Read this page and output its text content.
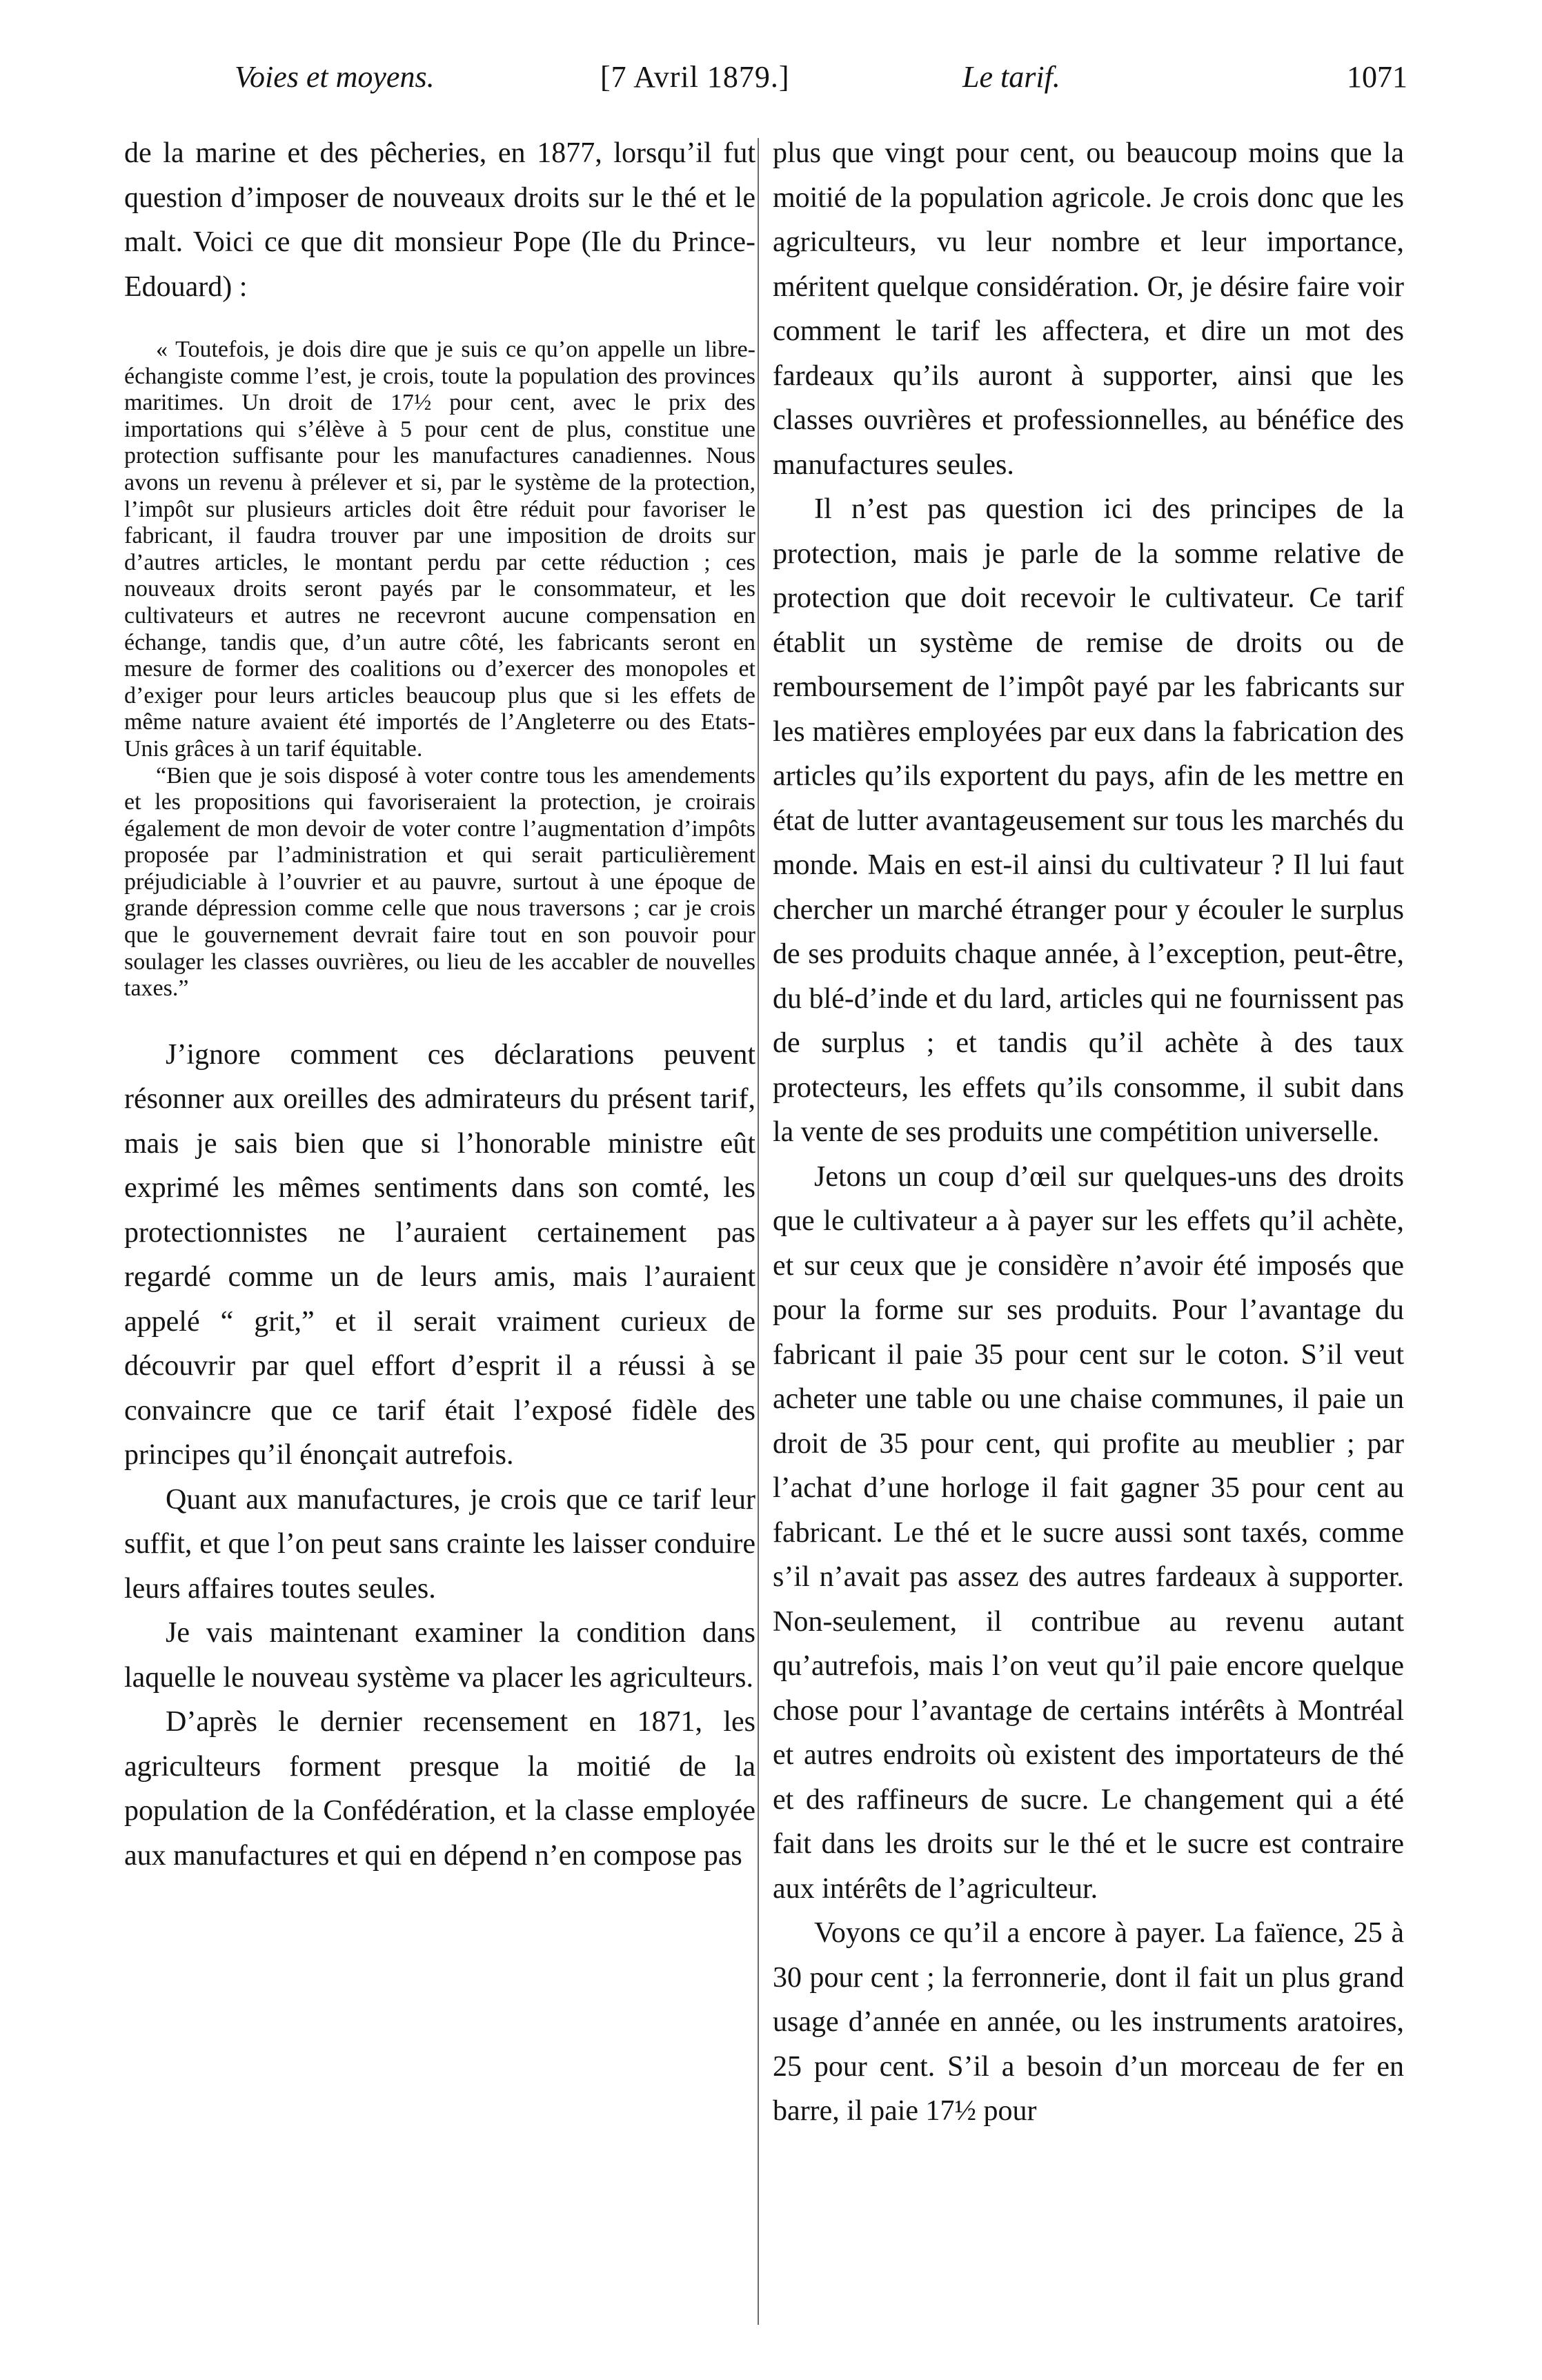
Voies et moyens.	[7 Avril 1879.]	Le tarif.	1071

de la marine et des pêcheries, en 1877, lorsqu’il fut question d’imposer de nouveaux droits sur le thé et le malt. Voici ce que dit monsieur Pope (Ile du Prince-Edouard) :

« Toutefois, je dois dire que je suis ce qu’on appelle un libre-échangiste comme l’est, je crois, toute la population des provinces maritimes. Un droit de 17½ pour cent, avec le prix des importations qui s’élève à 5 pour cent de plus, constitue une protection suffisante pour les manufactures canadiennes. Nous avons un revenu à prélever et si, par le système de la protection, l’impôt sur plusieurs articles doit être réduit pour favoriser le fabricant, il faudra trouver par une imposition de droits sur d’autres articles, le montant perdu par cette réduction ; ces nouveaux droits seront payés par le consommateur, et les cultivateurs et autres ne recevront aucune compensation en échange, tandis que, d’un autre côté, les fabricants seront en mesure de former des coalitions ou d’exercer des monopoles et d’exiger pour leurs articles beaucoup plus que si les effets de même nature avaient été importés de l’Angleterre ou des Etats-Unis grâces à un tarif équitable.

“Bien que je sois disposé à voter contre tous les amendements et les propositions qui favoriseraient la protection, je croirais également de mon devoir de voter contre l’augmentation d’impôts proposée par l’administration et qui serait particulièrement préjudiciable à l’ouvrier et au pauvre, surtout à une époque de grande dépression comme celle que nous traversons ; car je crois que le gouvernement devrait faire tout en son pouvoir pour soulager les classes ouvrières, ou lieu de les accabler de nouvelles taxes.”

J’ignore comment ces déclarations peuvent résonner aux oreilles des admirateurs du présent tarif, mais je sais bien que si l’honorable ministre eût exprimé les mêmes sentiments dans son comté, les protectionnistes ne l’auraient certainement pas regardé comme un de leurs amis, mais l’auraient appelé “ grit,” et il serait vraiment curieux de découvrir par quel effort d’esprit il a réussi à se convaincre que ce tarif était l’exposé fidèle des principes qu’il énonçait autrefois.

Quant aux manufactures, je crois que ce tarif leur suffit, et que l’on peut sans crainte les laisser conduire leurs affaires toutes seules.

Je vais maintenant examiner la condition dans laquelle le nouveau système va placer les agriculteurs.

D’après le dernier recensement en 1871, les agriculteurs forment presque la moitié de la population de la Confédération, et la classe employée aux manufactures et qui en dépend n’en compose pas

plus que vingt pour cent, ou beaucoup moins que la moitié de la population agricole. Je crois donc que les agriculteurs, vu leur nombre et leur importance, méritent quelque considération. Or, je désire faire voir comment le tarif les affectera, et dire un mot des fardeaux qu’ils auront à supporter, ainsi que les classes ouvrières et professionnelles, au bénéfice des manufactures seules.

Il n’est pas question ici des principes de la protection, mais je parle de la somme relative de protection que doit recevoir le cultivateur. Ce tarif établit un système de remise de droits ou de remboursement de l’impôt payé par les fabricants sur les matières employées par eux dans la fabrication des articles qu’ils exportent du pays, afin de les mettre en état de lutter avantageusement sur tous les marchés du monde. Mais en est-il ainsi du cultivateur ? Il lui faut chercher un marché étranger pour y écouler le surplus de ses produits chaque année, à l’exception, peut-être, du blé-d’inde et du lard, articles qui ne fournissent pas de surplus ; et tandis qu’il achète à des taux protecteurs, les effets qu’ils consomme, il subit dans la vente de ses produits une compétition universelle.

Jetons un coup d’œil sur quelques-uns des droits que le cultivateur a à payer sur les effets qu’il achète, et sur ceux que je considère n’avoir été imposés que pour la forme sur ses produits. Pour l’avantage du fabricant il paie 35 pour cent sur le coton. S’il veut acheter une table ou une chaise communes, il paie un droit de 35 pour cent, qui profite au meublier ; par l’achat d’une horloge il fait gagner 35 pour cent au fabricant. Le thé et le sucre aussi sont taxés, comme s’il n’avait pas assez des autres fardeaux à supporter. Non-seulement, il contribue au revenu autant qu’autrefois, mais l’on veut qu’il paie encore quelque chose pour l’avantage de certains intérêts à Montréal et autres endroits où existent des importateurs de thé et des raffineurs de sucre. Le changement qui a été fait dans les droits sur le thé et le sucre est contraire aux intérêts de l’agriculteur.

Voyons ce qu’il a encore à payer. La faïence, 25 à 30 pour cent ; la ferronnerie, dont il fait un plus grand usage d’année en année, ou les instruments aratoires, 25 pour cent. S’il a besoin d’un morceau de fer en barre, il paie 17½ pour
